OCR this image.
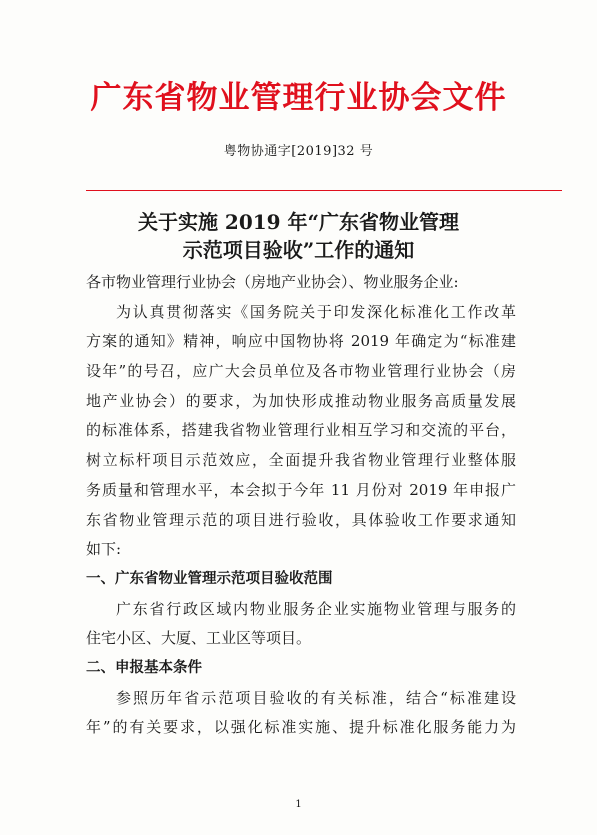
广东省物业管理行业协会文件
粤物协通字[2019]32 号
关于实施 2019 年“广东省物业管理
示范项目验收”工作的通知
各市物业管理行业协会（房地产业协会）、物业服务企业:
为认真贯彻落实《国务院关于印发深化标准化工作改革
方案的通知》精神，响应中国物协将 2019 年确定为“标准建
设年”的号召，应广大会员单位及各市物业管理行业协会（房
地产业协会）的要求，为加快形成推动物业服务高质量发展
的标准体系，搭建我省物业管理行业相互学习和交流的平台，
树立标杆项目示范效应，全面提升我省物业管理行业整体服
务质量和管理水平，本会拟于今年 11 月份对 2019 年申报广
东省物业管理示范的项目进行验收，具体验收工作要求通知
如下:
一、广东省物业管理示范项目验收范围
广东省行政区域内物业服务企业实施物业管理与服务的
住宅小区、大厦、工业区等项目。
二、申报基本条件
参照历年省示范项目验收的有关标准，结合“标准建设
年”的有关要求，以强化标准实施、提升标准化服务能力为
1
